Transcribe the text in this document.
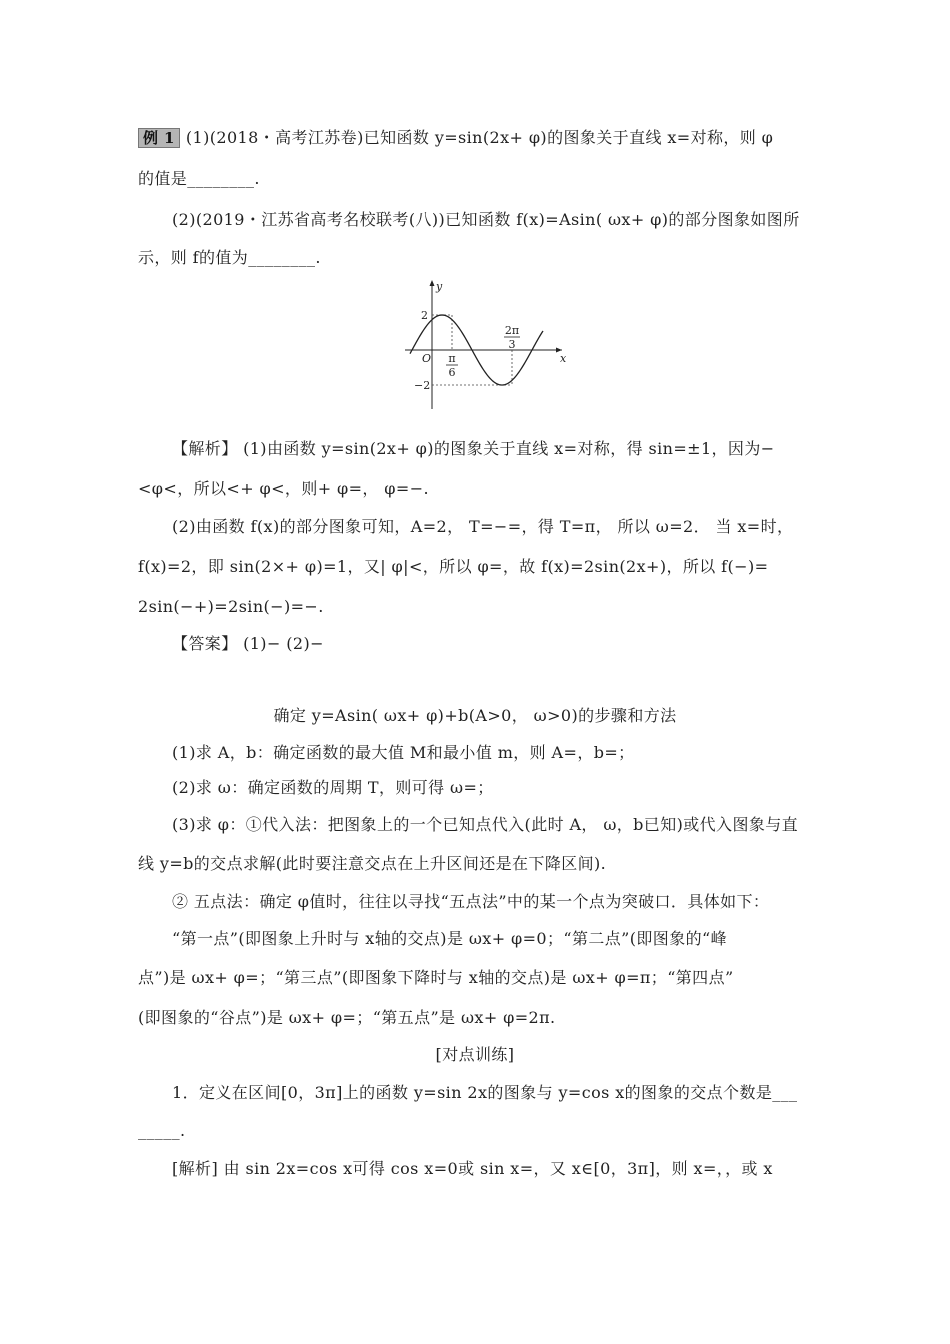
例 1 (1)(2018・高考江苏卷)已知函数 y=sin(2x+ φ)的图象关于直线 x=对称，则 φ
的值是________.
(2)(2019・江苏省高考名校联考(八))已知函数 f(x)=Asin( ωx+ φ)的部分图象如图所
示，则 f的值为________.
y
x
O
2
−2
π
6
2π
3
【解析】 (1)由函数 y=sin(2x+ φ)的图象关于直线 x=对称，得 sin=±1，因为−
<φ<，所以<+ φ<，则+ φ=， φ=−.
(2)由函数 f(x)的部分图象可知，A=2， T=−=，得 T=π， 所以 ω=2． 当 x=时，
f(x)=2，即 sin(2×+ φ)=1，又| φ|<，所以 φ=，故 f(x)=2sin(2x+)，所以 f(−)=
2sin(−+)=2sin(−)=−.
【答案】 (1)− (2)−
确定 y=Asin( ωx+ φ)+b(A>0， ω>0)的步骤和方法
(1)求 A，b：确定函数的最大值 M和最小值 m，则 A=，b=；
(2)求 ω：确定函数的周期 T，则可得 ω=；
(3)求 φ：①代入法：把图象上的一个已知点代入(此时 A， ω，b已知)或代入图象与直
线 y=b的交点求解(此时要注意交点在上升区间还是在下降区间).
② 五点法：确定 φ值时，往往以寻找“五点法”中的某一个点为突破口．具体如下：
“第一点”(即图象上升时与 x轴的交点)是 ωx+ φ=0；“第二点”(即图象的“峰
点”)是 ωx+ φ=；“第三点”(即图象下降时与 x轴的交点)是 ωx+ φ=π；“第四点”
(即图象的“谷点”)是 ωx+ φ=；“第五点”是 ωx+ φ=2π.
[对点训练]
1．定义在区间[0，3π]上的函数 y=sin 2x的图象与 y=cos x的图象的交点个数是___
_____.
[解析] 由 sin 2x=cos x可得 cos x=0或 sin x=，又 x∈[0，3π]，则 x=，，或 x
